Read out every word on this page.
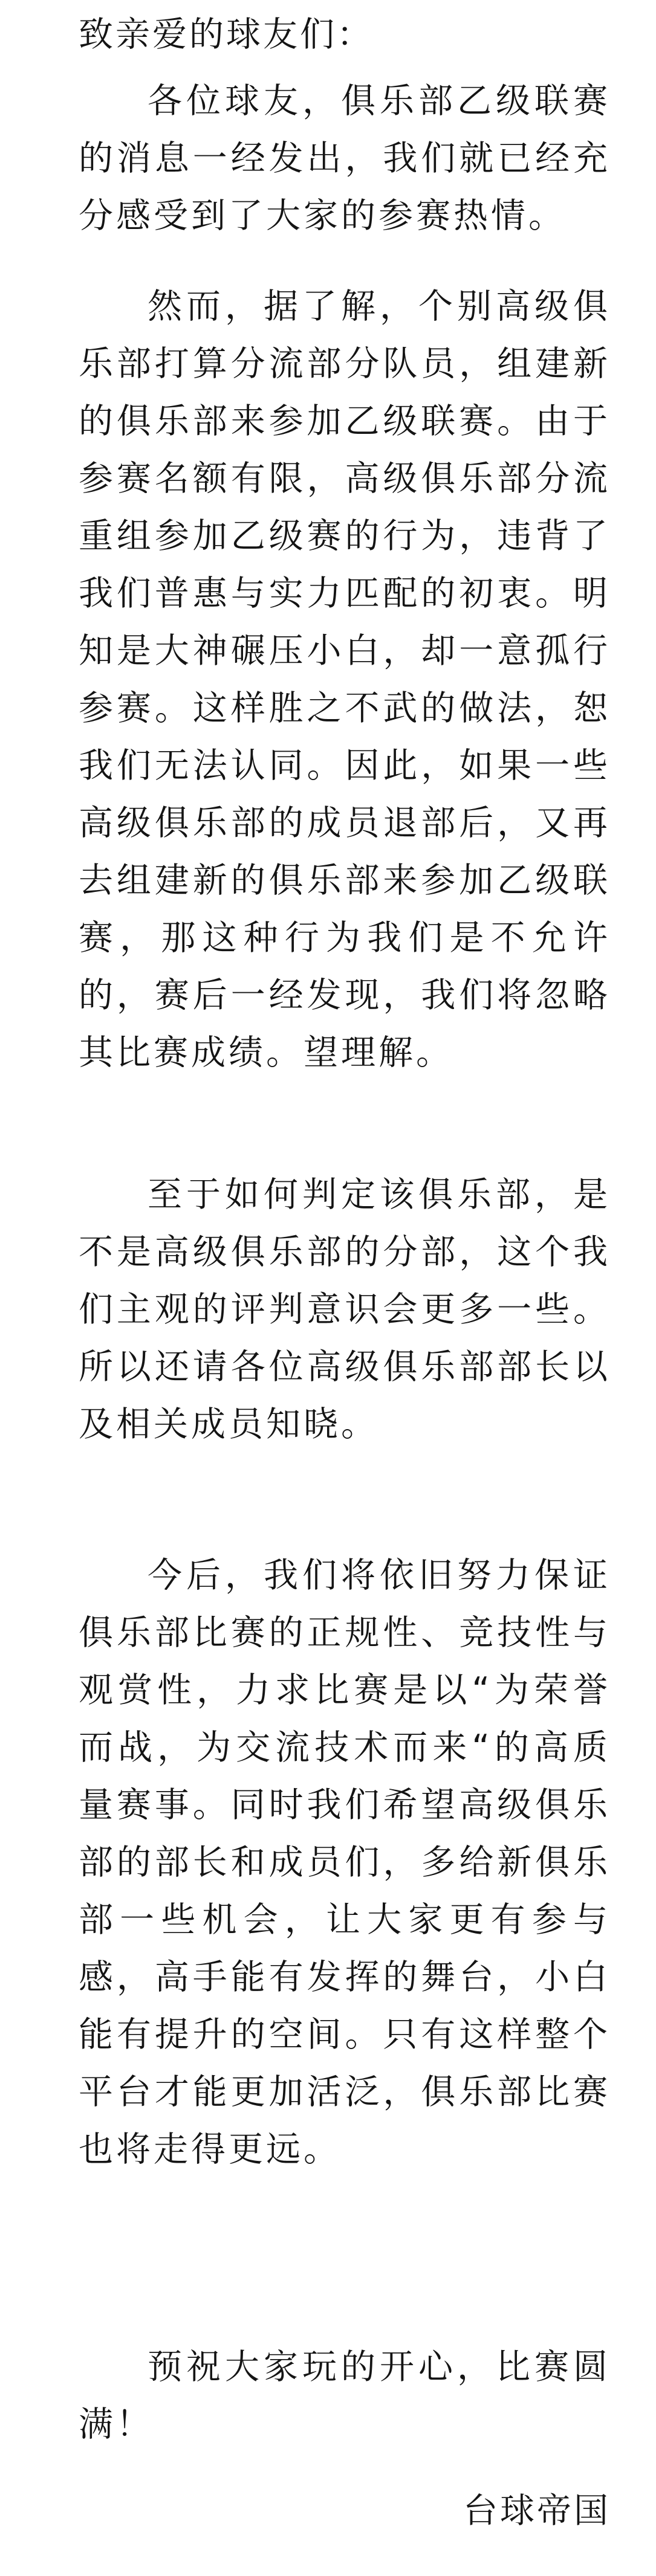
致亲爱的球友们：

各位球友，俱乐部乙级联赛的消息一经发出，我们就已经充分感受到了大家的参赛热情。

然而，据了解，个别高级俱乐部打算分流部分队员，组建新的俱乐部来参加乙级联赛。由于参赛名额有限，高级俱乐部分流重组参加乙级赛的行为，违背了我们普惠与实力匹配的初衷。明知是大神碾压小白，却一意孤行参赛。这样胜之不武的做法，恕我们无法认同。因此，如果一些高级俱乐部的成员退部后，又再去组建新的俱乐部来参加乙级联赛，那这种行为我们是不允许的，赛后一经发现，我们将忽略其比赛成绩。望理解。

至于如何判定该俱乐部，是不是高级俱乐部的分部，这个我们主观的评判意识会更多一些。所以还请各位高级俱乐部部长以及相关成员知晓。

今后，我们将依旧努力保证俱乐部比赛的正规性、竞技性与观赏性，力求比赛是以“为荣誉而战，为交流技术而来“的高质量赛事。同时我们希望高级俱乐部的部长和成员们，多给新俱乐部一些机会，让大家更有参与感，高手能有发挥的舞台，小白能有提升的空间。只有这样整个平台才能更加活泛，俱乐部比赛也将走得更远。

预祝大家玩的开心，比赛圆满！

台球帝国
